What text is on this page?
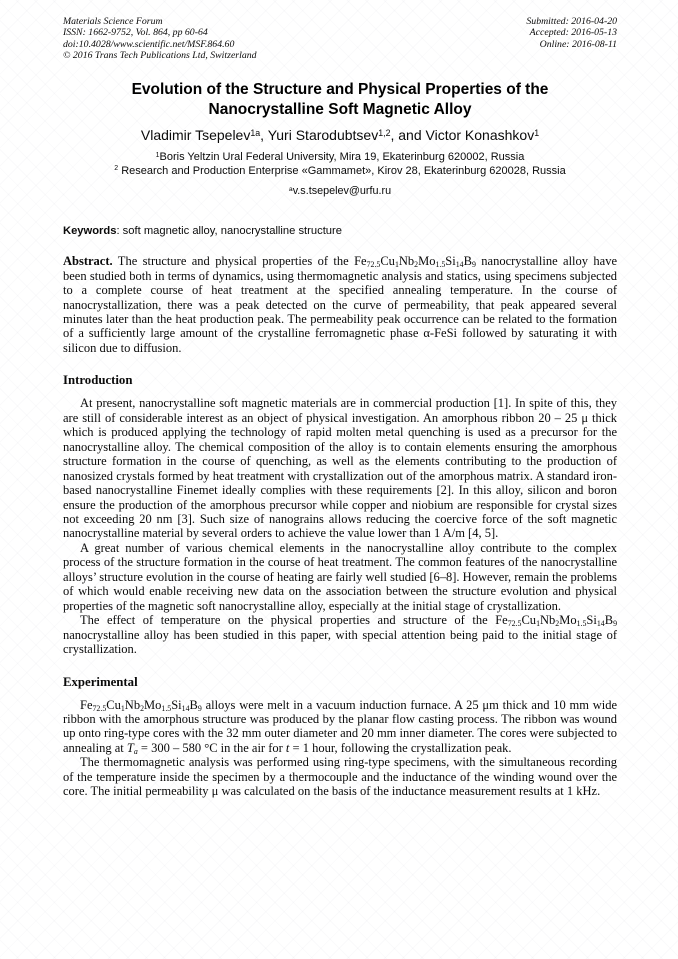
Materials Science Forum
ISSN: 1662-9752, Vol. 864, pp 60-64
doi:10.4028/www.scientific.net/MSF.864.60
© 2016 Trans Tech Publications Ltd, Switzerland
Submitted: 2016-04-20
Accepted: 2016-05-13
Online: 2016-08-11
Evolution of the Structure and Physical Properties of the
Nanocrystalline Soft Magnetic Alloy
Vladimir Tsepelev$^{1a}$, Yuri Starodubtsev$^{1,2}$, and Victor Konashkov$^1$
$^1$Boris Yeltzin Ural Federal University, Mira 19, Ekaterinburg 620002, Russia
$^2$ Research and Production Enterprise «Gammamet», Kirov 28, Ekaterinburg 620028, Russia
$^a$v.s.tsepelev@urfu.ru
Keywords: soft magnetic alloy, nanocrystalline structure

Abstract. The structure and physical properties of the Fe72.5Cu1Nb2Mo1.5Si14B9 nanocrystalline alloy have been studied both in terms of dynamics, using thermomagnetic analysis and statics, using specimens subjected to a complete course of heat treatment at the specified annealing temperature. In the course of nanocrystallization, there was a peak detected on the curve of permeability, that peak appeared several minutes later than the heat production peak. The permeability peak occurrence can be related to the formation of a sufficiently large amount of the crystalline ferromagnetic phase α-FeSi followed by saturating it with silicon due to diffusion.

Introduction

At present, nanocrystalline soft magnetic materials are in commercial production [1]. In spite of this, they are still of considerable interest as an object of physical investigation. An amorphous ribbon 20 – 25 μ thick which is produced applying the technology of rapid molten metal quenching is used as a precursor for the nanocrystalline alloy. The chemical composition of the alloy is to contain elements ensuring the amorphous structure formation in the course of quenching, as well as the elements contributing to the production of nanosized crystals formed by heat treatment with crystallization out of the amorphous matrix. A standard iron-based nanocrystalline Finemet ideally complies with these requirements [2]. In this alloy, silicon and boron ensure the production of the amorphous precursor while copper and niobium are responsible for crystal sizes not exceeding 20 nm [3]. Such size of nanograins allows reducing the coercive force of the soft magnetic nanocrystalline material by several orders to achieve the value lower than 1 A/m [4, 5].

A great number of various chemical elements in the nanocrystalline alloy contribute to the complex process of the structure formation in the course of heat treatment. The common features of the nanocrystalline alloys’ structure evolution in the course of heating are fairly well studied [6–8]. However, remain the problems of which would enable receiving new data on the association between the structure evolution and physical properties of the magnetic soft nanocrystalline alloy, especially at the initial stage of crystallization.

The effect of temperature on the physical properties and structure of the Fe72.5Cu1Nb2Mo1.5Si14B9 nanocrystalline alloy has been studied in this paper, with special attention being paid to the initial stage of crystallization.

Experimental

Fe72.5Cu1Nb2Mo1.5Si14B9 alloys were melt in a vacuum induction furnace. A 25 μm thick and 10 mm wide ribbon with the amorphous structure was produced by the planar flow casting process. The ribbon was wound up onto ring-type cores with the 32 mm outer diameter and 20 mm inner diameter. The cores were subjected to annealing at Ta = 300 – 580 °C in the air for t = 1 hour, following the crystallization peak.

The thermomagnetic analysis was performed using ring-type specimens, with the simultaneous recording of the temperature inside the specimen by a thermocouple and the inductance of the winding wound over the core. The initial permeability μ was calculated on the basis of the inductance measurement results at 1 kHz.
